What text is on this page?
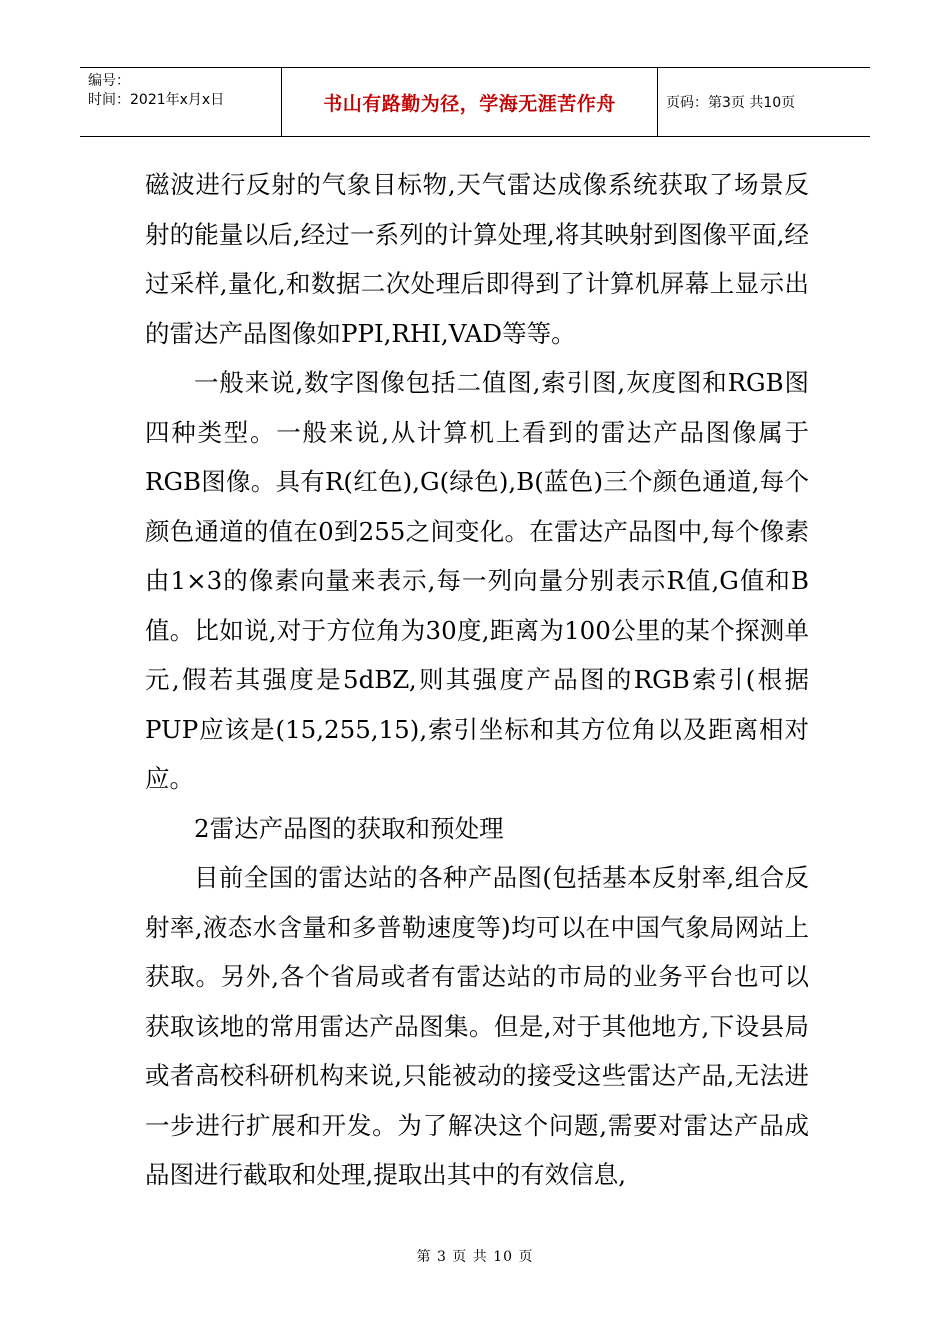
编号：
时间：2021年x月x日	书山有路勤为径，学海无涯苦作舟	页码：第3页 共10页

磁波进行反射的气象目标物,天气雷达成像系统获取了场景反射的能量以后,经过一系列的计算处理,将其映射到图像平面,经过采样,量化,和数据二次处理后即得到了计算机屏幕上显示出的雷达产品图像如PPI,RHI,VAD等等。

一般来说,数字图像包括二值图,索引图,灰度图和RGB图四种类型。一般来说,从计算机上看到的雷达产品图像属于RGB图像。具有R(红色),G(绿色),B(蓝色)三个颜色通道,每个颜色通道的值在0到255之间变化。在雷达产品图中,每个像素由1×3的像素向量来表示,每一列向量分别表示R值,G值和B值。比如说,对于方位角为30度,距离为100公里的某个探测单元,假若其强度是5dBZ,则其强度产品图的RGB索引(根据PUP应该是(15,255,15),索引坐标和其方位角以及距离相对应。

2雷达产品图的获取和预处理

目前全国的雷达站的各种产品图(包括基本反射率,组合反射率,液态水含量和多普勒速度等)均可以在中国气象局网站上获取。另外,各个省局或者有雷达站的市局的业务平台也可以获取该地的常用雷达产品图集。但是,对于其他地方,下设县局或者高校科研机构来说,只能被动的接受这些雷达产品,无法进一步进行扩展和开发。为了解决这个问题,需要对雷达产品成品图进行截取和处理,提取出其中的有效信息,

第 3 页 共 10 页
